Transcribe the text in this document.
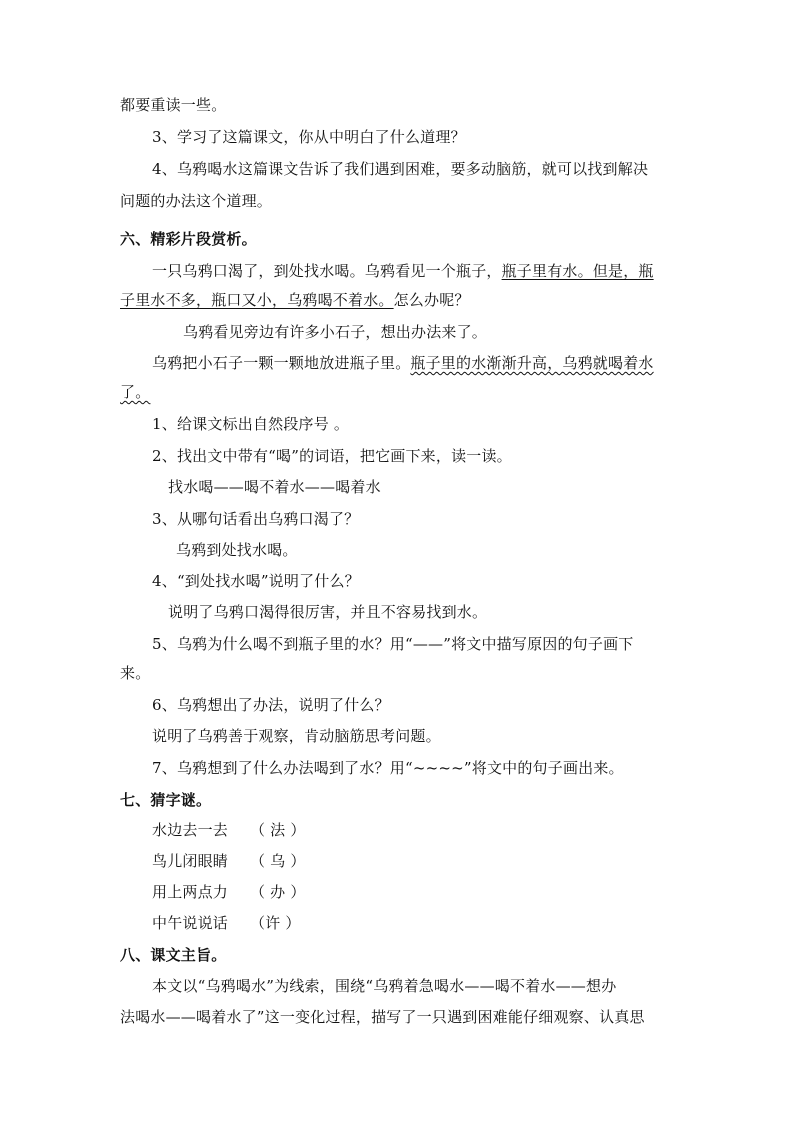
都要重读一些。
3、学习了这篇课文，你从中明白了什么道理？
4、乌鸦喝水这篇课文告诉了我们遇到困难，要多动脑筋，就可以找到解决
问题的办法这个道理。
六、精彩片段赏析。
一只乌鸦口渴了，到处找水喝。乌鸦看见一个瓶子，瓶子里有水。但是，瓶
子里水不多，瓶口又小，乌鸦喝不着水。怎么办呢？
乌鸦看见旁边有许多小石子，想出办法来了。
乌鸦把小石子一颗一颗地放进瓶子里。瓶子里的水渐渐升高，乌鸦就喝着水
了。
1、给课文标出自然段序号 。
2、找出文中带有“喝”的词语，把它画下来，读一读。
找水喝——喝不着水——喝着水
3、从哪句话看出乌鸦口渴了？
乌鸦到处找水喝。
4、“到处找水喝”说明了什么？
说明了乌鸦口渴得很厉害，并且不容易找到水。
5、乌鸦为什么喝不到瓶子里的水？用“——”将文中描写原因的句子画下
来。
6、乌鸦想出了办法，说明了什么？
说明了乌鸦善于观察，肯动脑筋思考问题。
7、乌鸦想到了什么办法喝到了水？用“~~~~”将文中的句子画出来。
七、猜字谜。
水边去一去 （ 法 ）
鸟儿闭眼睛 （ 乌 ）
用上两点力 （ 办 ）
中午说说话 （许 ）
八、课文主旨。
本文以“乌鸦喝水”为线索，围绕“乌鸦着急喝水——喝不着水——想办
法喝水——喝着水了”这一变化过程，描写了一只遇到困难能仔细观察、认真思
